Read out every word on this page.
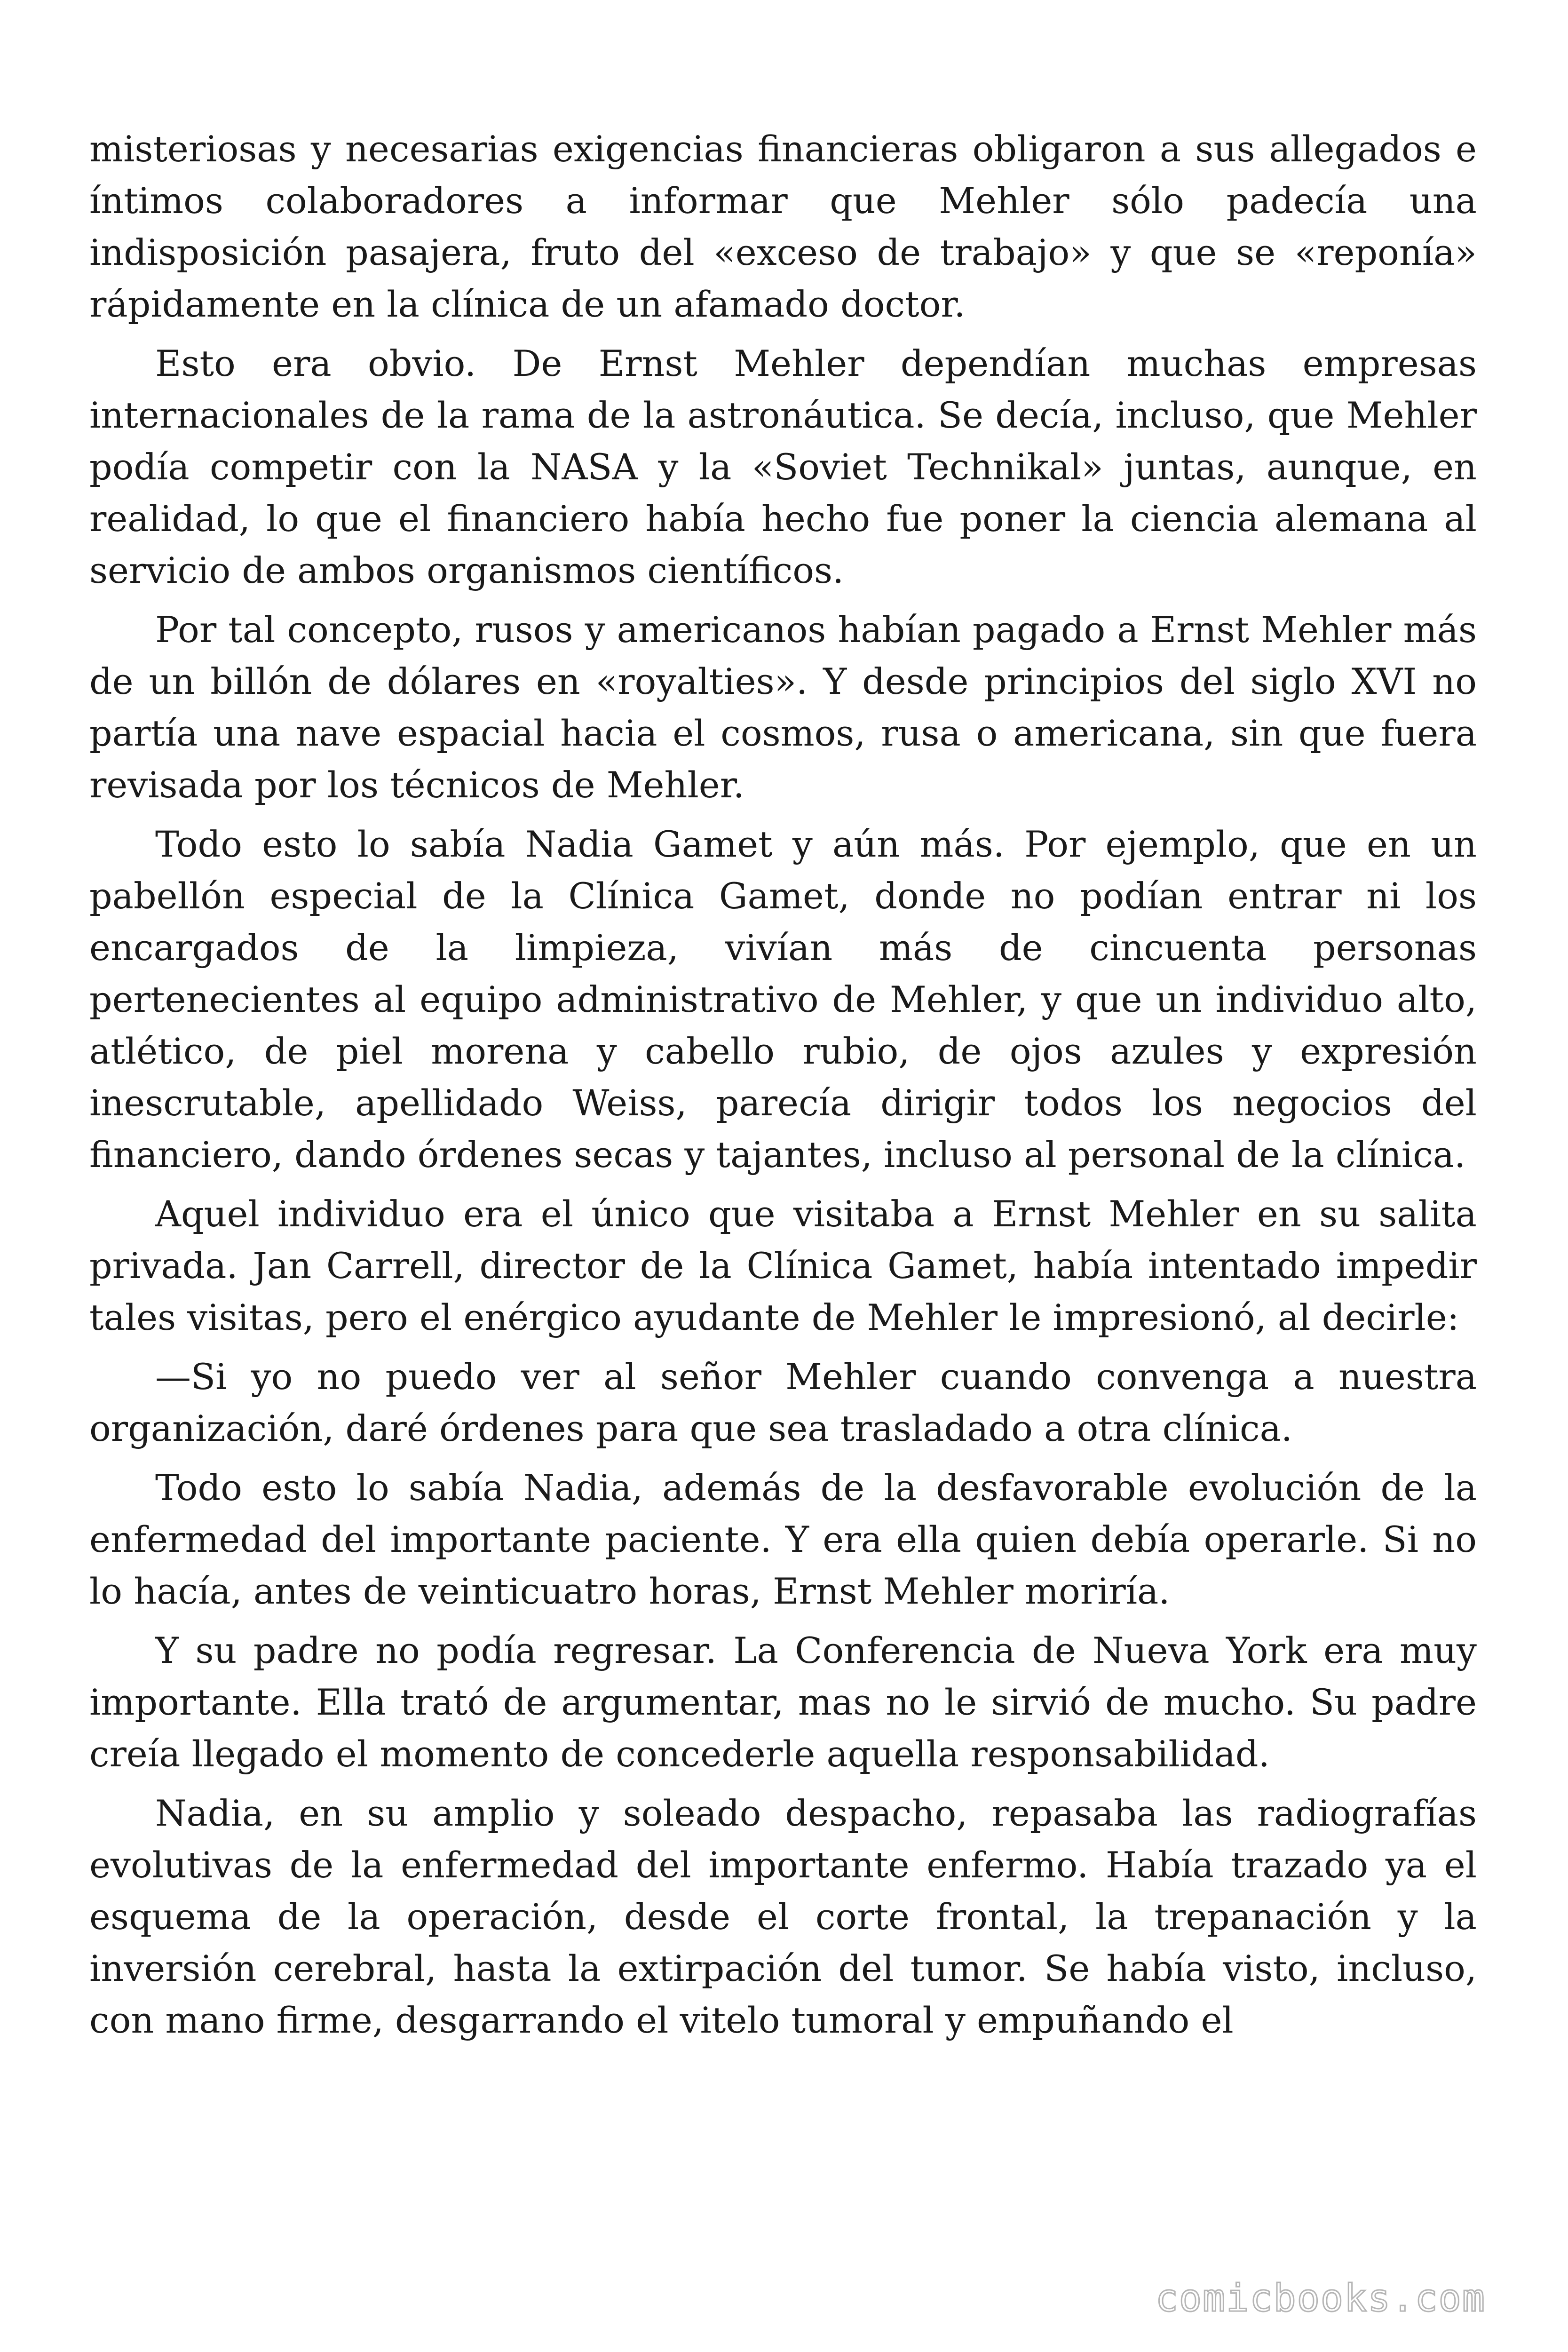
misteriosas y necesarias exigencias financieras obligaron a sus allegados e íntimos colaboradores a informar que Mehler sólo padecía una indisposición pasajera, fruto del «exceso de trabajo» y que se «reponía» rápidamente en la clínica de un afamado doctor.

Esto era obvio. De Ernst Mehler dependían muchas empresas internacionales de la rama de la astronáutica. Se decía, incluso, que Mehler podía competir con la NASA y la «Soviet Technikal» juntas, aunque, en realidad, lo que el financiero había hecho fue poner la ciencia alemana al servicio de ambos organismos científicos.

Por tal concepto, rusos y americanos habían pagado a Ernst Mehler más de un billón de dólares en «royalties». Y desde principios del siglo XVI no partía una nave espacial hacia el cosmos, rusa o americana, sin que fuera revisada por los técnicos de Mehler.

Todo esto lo sabía Nadia Gamet y aún más. Por ejemplo, que en un pabellón especial de la Clínica Gamet, donde no podían entrar ni los encargados de la limpieza, vivían más de cincuenta personas pertenecientes al equipo administrativo de Mehler, y que un individuo alto, atlético, de piel morena y cabello rubio, de ojos azules y expresión inescrutable, apellidado Weiss, parecía dirigir todos los negocios del financiero, dando órdenes secas y tajantes, incluso al personal de la clínica.

Aquel individuo era el único que visitaba a Ernst Mehler en su salita privada. Jan Carrell, director de la Clínica Gamet, había intentado impedir tales visitas, pero el enérgico ayudante de Mehler le impresionó, al decirle:

—Si yo no puedo ver al señor Mehler cuando convenga a nuestra organización, daré órdenes para que sea trasladado a otra clínica.

Todo esto lo sabía Nadia, además de la desfavorable evolución de la enfermedad del importante paciente. Y era ella quien debía operarle. Si no lo hacía, antes de veinticuatro horas, Ernst Mehler moriría.

Y su padre no podía regresar. La Conferencia de Nueva York era muy importante. Ella trató de argumentar, mas no le sirvió de mucho. Su padre creía llegado el momento de concederle aquella responsabilidad.

Nadia, en su amplio y soleado despacho, repasaba las radiografías evolutivas de la enfermedad del importante enfermo. Había trazado ya el esquema de la operación, desde el corte frontal, la trepanación y la inversión cerebral, hasta la extirpación del tumor. Se había visto, incluso, con mano firme, desgarrando el vitelo tumoral y empuñando el

comicbooks.com
